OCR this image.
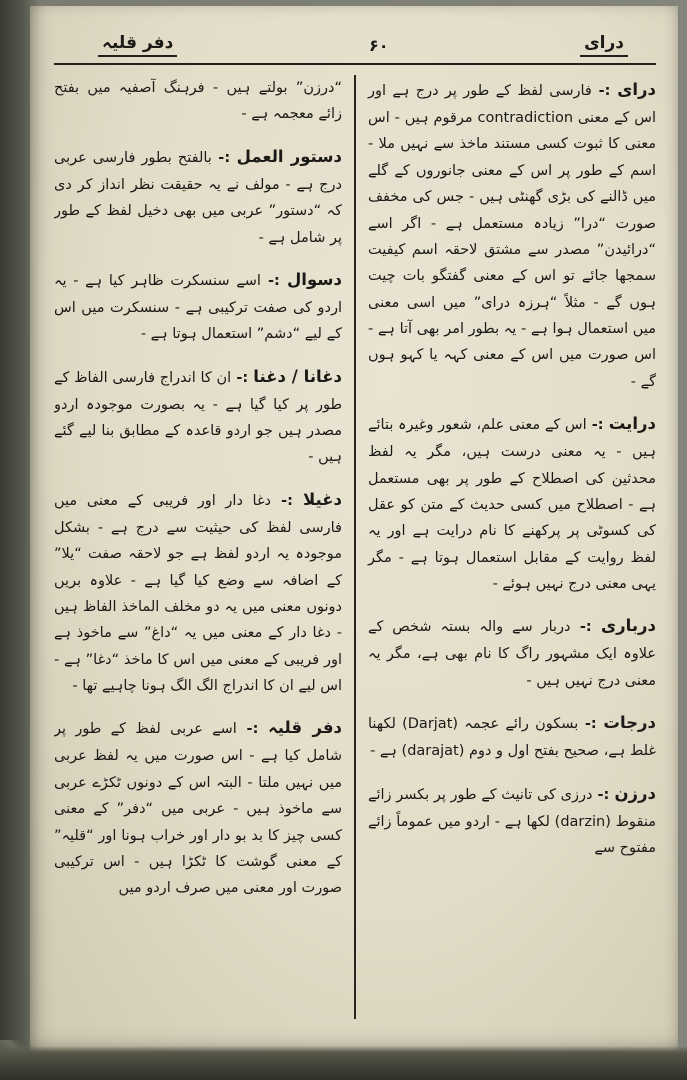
درای
۶۰
دفر قلیہ

درای :- فارسی لفظ کے طور پر درج ہے اور اس کے معنی contradiction مرقوم ہیں - اس معنی کا ثبوت کسی مستند ماخذ سے نہیں ملا - اسم کے طور پر اس کے معنی جانوروں کے گلے میں ڈالنے کی بڑی گھنٹی ہیں - جس کی مخفف صورت “درا” زیادہ مستعمل ہے - اگر اسے “درائیدن” مصدر سے مشتق لاحقہ اسم کیفیت سمجھا جائے تو اس کے معنی گفتگو بات چیت ہوں گے - مثلاً “ہرزہ درای” میں اسی معنی میں استعمال ہوا ہے - یہ بطور امر بھی آتا ہے - اس صورت میں اس کے معنی کہہ یا کہو ہوں گے -

درایت :- اس کے معنی علم، شعور وغیرہ بتائے ہیں - یہ معنی درست ہیں، مگر یہ لفظ محدثین کی اصطلاح کے طور پر بھی مستعمل ہے - اصطلاح میں کسی حدیث کے متن کو عقل کی کسوٹی پر پرکھنے کا نام درایت ہے اور یہ لفظ روایت کے مقابل استعمال ہوتا ہے - مگر یہی معنی درج نہیں ہوئے -

درباری :- دربار سے والہ بستہ شخص کے علاوہ ایک مشہور راگ کا نام بھی ہے، مگر یہ معنی درج نہیں ہیں -

درجات :- بسکون رائے عجمہ (Darjat) لکھنا غلط ہے، صحیح بفتح اول و دوم (darajat) ہے -

درزن :- درزی کی تانیث کے طور پر بکسر زائے منقوط (darzin) لکھا ہے - اردو میں عموماً زائے مفتوح سے

“درزن” بولتے ہیں - فرہنگ آصفیہ میں بفتح زائے معجمہ ہے -

دستور العمل :- بالفتح بطور فارسی عربی درج ہے - مولف نے یہ حقیقت نظر انداز کر دی کہ “دستور” عربی میں بھی دخیل لفظ کے طور پر شامل ہے -

دسوال :- اسے سنسکرت ظاہر کیا ہے - یہ اردو کی صفت ترکیبی ہے - سنسکرت میں اس کے لیے “دشم” استعمال ہوتا ہے -

دغانا / دغنا :- ان کا اندراج فارسی الفاظ کے طور پر کیا گیا ہے - یہ بصورت موجودہ اردو مصدر ہیں جو اردو قاعدہ کے مطابق بنا لیے گئے ہیں -

دغیلا :- دغا دار اور فریبی کے معنی میں فارسی لفظ کی حیثیت سے درج ہے - بشکل موجودہ یہ اردو لفظ ہے جو لاحقہ صفت “یلا” کے اضافہ سے وضع کیا گیا ہے - علاوہ بریں دونوں معنی میں یہ دو مخلف الماخذ الفاظ ہیں - دغا دار کے معنی میں یہ “داغ” سے ماخوذ ہے اور فریبی کے معنی میں اس کا ماخذ “دغا” ہے - اس لیے ان کا اندراج الگ الگ ہونا چاہیے تھا -

دفر قلیہ :- اسے عربی لفظ کے طور پر شامل کیا ہے - اس صورت میں یہ لفظ عربی میں نہیں ملتا - البتہ اس کے دونوں ٹکڑے عربی سے ماخوذ ہیں - عربی میں “دفر” کے معنی کسی چیز کا بد بو دار اور خراب ہونا اور “قلیہ” کے معنی گوشت کا ٹکڑا ہیں - اس ترکیبی صورت اور معنی میں صرف اردو میں
